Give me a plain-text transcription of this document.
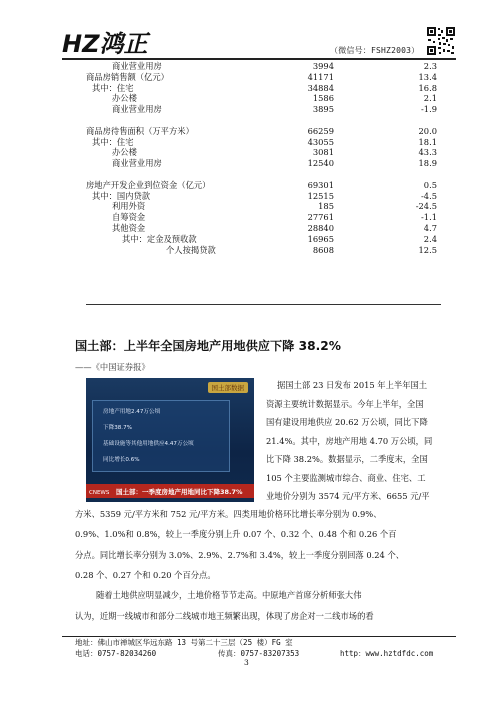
HZ鸿正	（微信号：FSHZ2003）
商业营业用房	3994	2.3
商品房销售额（亿元）	41171	13.4
其中：住宅	34884	16.8
办公楼	1586	2.1
商业营业用房	3895	-1.9
商品房待售面积（万平方米）	66259	20.0
其中：住宅	43055	18.1
办公楼	3081	43.3
商业营业用房	12540	18.9
房地产开发企业到位资金（亿元）	69301	0.5
其中：国内贷款	12515	-4.5
利用外资	185	-24.5
自筹资金	27761	-1.1
其他资金	28840	4.7
其中：定金及预收款	16965	2.4
个人按揭贷款	8608	12.5
国土部：上半年全国房地产用地供应下降 38.2%
——《中国证券报》
国土部数据
房地产用地2.47万公顷
下降38.7%
基础设施等其他用地供应4.47万公顷
同比增长0.6%
CNEWS 国土部：一季度房地产用地同比下降38.7%
据国土部 23 日发布 2015 年上半年国土
资源主要统计数据显示。今年上半年，全国
国有建设用地供应 20.62 万公顷，同比下降
21.4%。其中，房地产用地 4.70 万公顷，同
比下降 38.2%。数据显示，二季度末，全国
105 个主要监测城市综合、商业、住宅、工
业地价分别为 3574 元/平方米、6655 元/平
方米、5359 元/平方米和 752 元/平方米。四类用地价格环比增长率分别为 0.9%、
0.9%、1.0%和 0.8%，较上一季度分别上升 0.07 个、0.32 个、0.48 个和 0.26 个百
分点。同比增长率分别为 3.0%、2.9%、2.7%和 3.4%，较上一季度分别回落 0.24 个、
0.28 个、0.27 个和 0.20 个百分点。
随着土地供应明显减少，土地价格节节走高。中原地产首席分析师张大伟
认为，近期一线城市和部分二线城市地王频繁出现，体现了房企对一二线市场的看
地址：佛山市禅城区华远东路 13 号第二十三层（25 楼）FG 室
电话：0757-82034260	传真：0757-83207353	http：www.hztdfdc.com
3
